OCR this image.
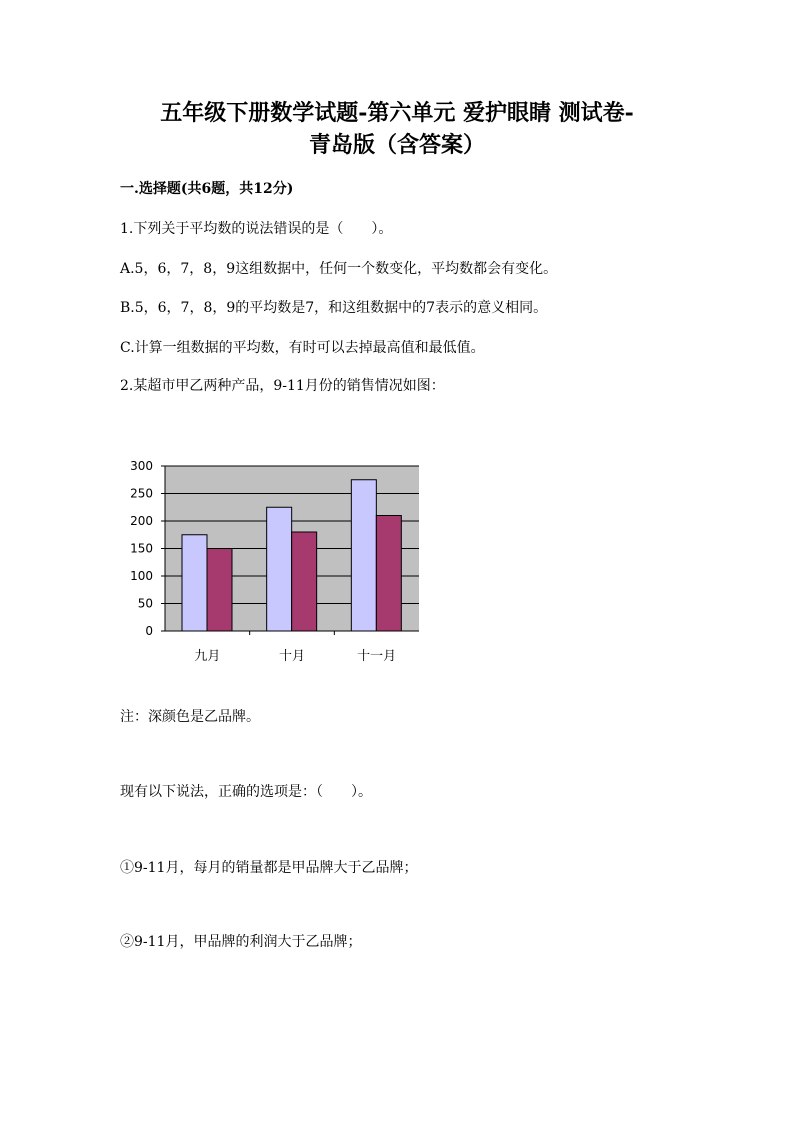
五年级下册数学试题-第六单元 爱护眼睛 测试卷-
青岛版（含答案）
一.选择题(共6题，共12分)
1.下列关于平均数的说法错误的是（　　）。
A.5，6，7，8，9这组数据中，任何一个数变化，平均数都会有变化。
B.5，6，7，8，9的平均数是7，和这组数据中的7表示的意义相同。
C.计算一组数据的平均数，有时可以去掉最高值和最低值。
2.某超市甲乙两种产品，9-11月份的销售情况如图：
0
50
100
150
200
250
300
九月	十月	十一月
注：深颜色是乙品牌。
现有以下说法，正确的选项是：（　　）。
①9-11月，每月的销量都是甲品牌大于乙品牌；
②9-11月，甲品牌的利润大于乙品牌；
